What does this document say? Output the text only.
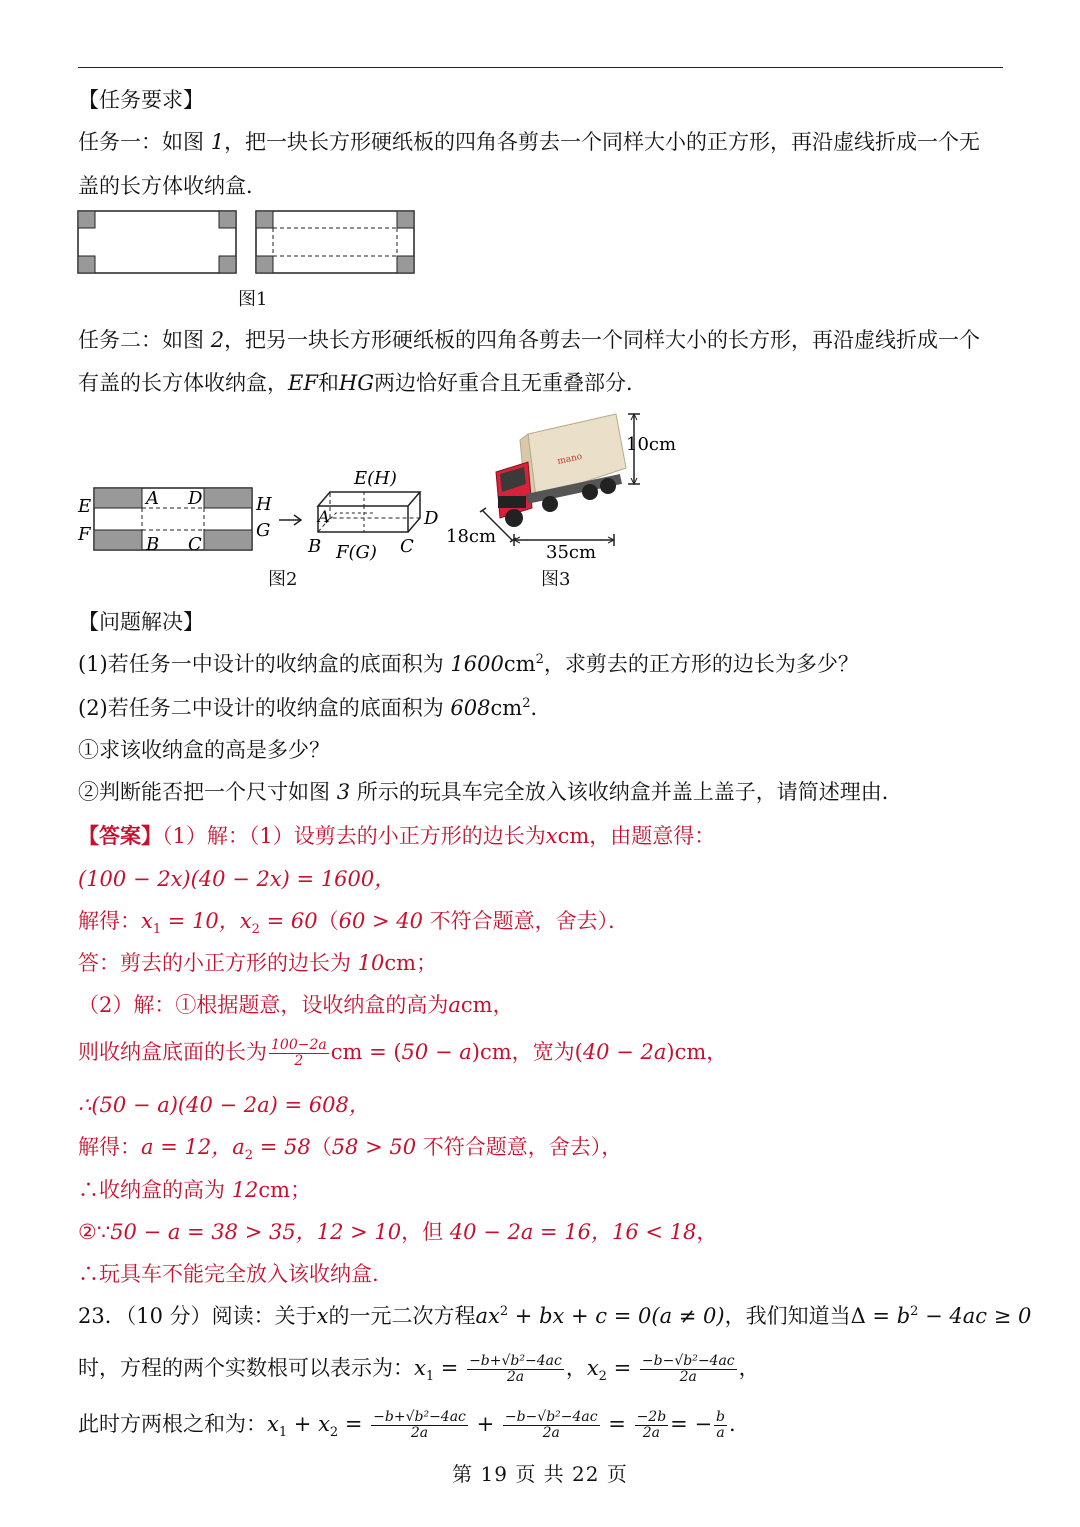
【任务要求】
任务一：如图 1，把一块长方形硬纸板的四角各剪去一个同样大小的正方形，再沿虚线折成一个无
盖的长方体收纳盒．
图1
任务二：如图 2，把另一块长方形硬纸板的四角各剪去一个同样大小的长方形，再沿虚线折成一个
有盖的长方体收纳盒，EF和HG两边恰好重合且无重叠部分．
E
F
A D
B C
H
G
E(H)
A
B F(G) C
D
图2
mano
10cm
18cm
35cm
图3
【问题解决】
(1)若任务一中设计的收纳盒的底面积为 $1600cm^2$，求剪去的正方形的边长为多少？
(2)若任务二中设计的收纳盒的底面积为 $608cm^2$．
①求该收纳盒的高是多少？
②判断能否把一个尺寸如图 3 所示的玩具车完全放入该收纳盒并盖上盖子，请简述理由．
【答案】（1）解：（1）设剪去的小正方形的边长为xcm，由题意得：
(100 − 2x)(40 − 2x) = 1600，
解得：$x_1 = 10$，$x_2 = 60(60 > 40$ 不符合题意，舍去）．
答：剪去的小正方形的边长为 10cm；
（2）解：①根据题意，设收纳盒的高为acm，
则收纳盒底面的长为 $\frac{100-2a}{2}$ cm = (50 − a)cm，宽为(40 − 2a)cm，
∴(50 − a)(40 − 2a) = 608，
解得：a = 12，$a_2 = 58(58 > 50$ 不符合题意，舍去），
∴收纳盒的高为 12cm；
②∵50 − a = 38 > 35，12 > 10，但 40 − 2a = 16，16 < 18，
∴玩具车不能完全放入该收纳盒.
23．（10 分）阅读：关于x的一元二次方程$ax^2$ + bx + c = 0(a ≠ 0)，我们知道当$\Delta = b^2 - 4ac \ge 0$
时，方程的两个实数根可以表示为：$x_1 = \frac{\text{−b+√b²−4ac}}{2a}$ ，$x_2 = \frac{\text{−b−√b²−4ac}}{2a}$ ，
此时方两根之和为：$x_1 + x_2 = \frac{\text{−b+√b²−4ac}}{2a} + \frac{\text{−b−√b²−4ac}}{2a} = \frac{-2b}{2a}$ = − $\frac{b}{a}$ .
第 19 页 共 22 页
